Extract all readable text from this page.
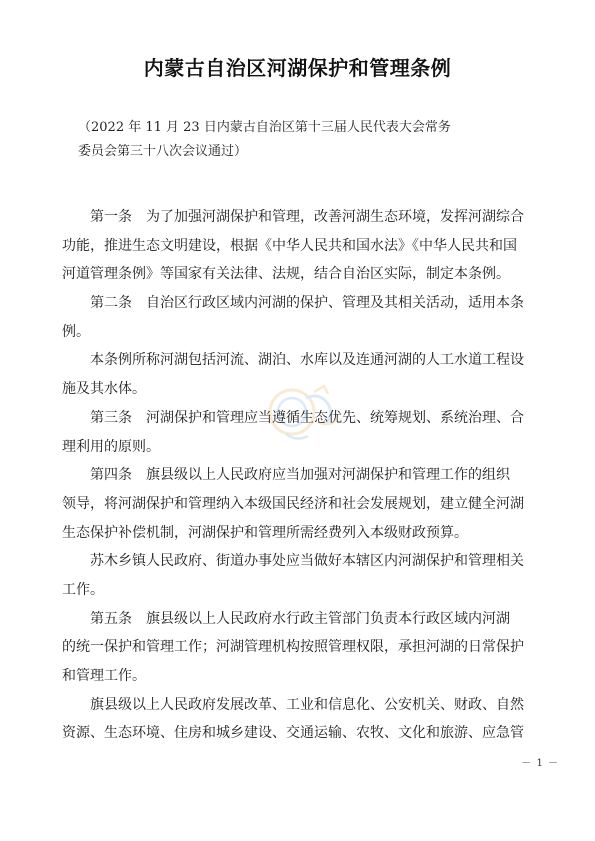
内蒙古自治区河湖保护和管理条例
（2022 年 11 月 23 日内蒙古自治区第十三届人民代表大会常务
委员会第三十八次会议通过）
第一条　为了加强河湖保护和管理，改善河湖生态环境，发挥河湖综合
功能，推进生态文明建设，根据《中华人民共和国水法》《中华人民共和国
河道管理条例》等国家有关法律、法规，结合自治区实际，制定本条例。
第二条　自治区行政区域内河湖的保护、管理及其相关活动，适用本条
例。
本条例所称河湖包括河流、湖泊、水库以及连通河湖的人工水道工程设
施及其水体。
第三条　河湖保护和管理应当遵循生态优先、统筹规划、系统治理、合
理利用的原则。
第四条　旗县级以上人民政府应当加强对河湖保护和管理工作的组织
领导，将河湖保护和管理纳入本级国民经济和社会发展规划，建立健全河湖
生态保护补偿机制，河湖保护和管理所需经费列入本级财政预算。
苏木乡镇人民政府、街道办事处应当做好本辖区内河湖保护和管理相关
工作。
第五条　旗县级以上人民政府水行政主管部门负责本行政区域内河湖
的统一保护和管理工作；河湖管理机构按照管理权限，承担河湖的日常保护
和管理工作。
旗县级以上人民政府发展改革、工业和信息化、公安机关、财政、自然
资源、生态环境、住房和城乡建设、交通运输、农牧、文化和旅游、应急管
－ 1 －
